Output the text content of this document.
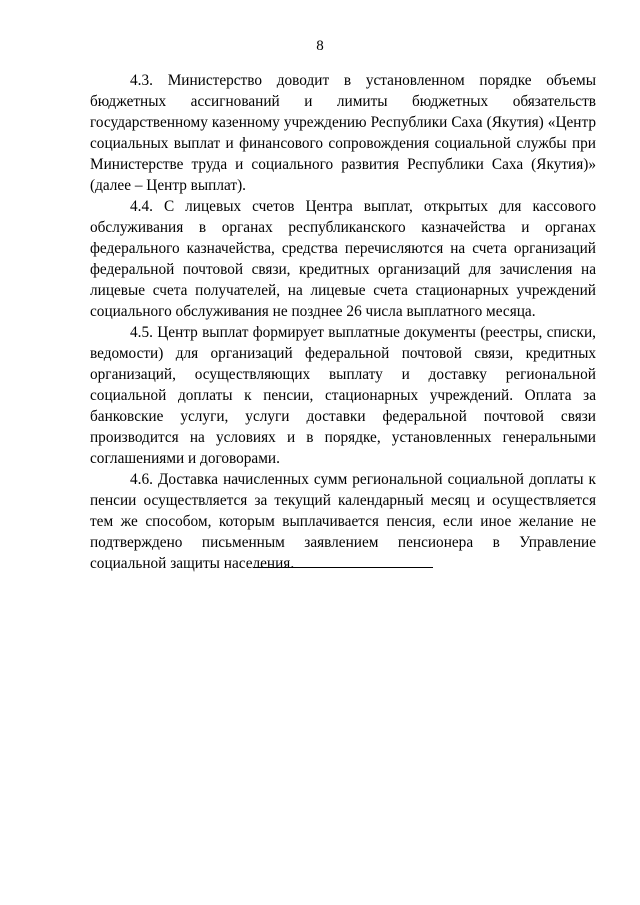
8

4.3. Министерство доводит в установленном порядке объемы бюджетных ассигнований и лимиты бюджетных обязательств государственному казенному учреждению Республики Саха (Якутия) «Центр социальных выплат и финансового сопровождения социальной службы при Министерстве труда и социального развития Республики Саха (Якутия)» (далее – Центр выплат).

4.4. С лицевых счетов Центра выплат, открытых для кассового обслуживания в органах республиканского казначейства и органах федерального казначейства, средства перечисляются на счета организаций федеральной почтовой связи, кредитных организаций для зачисления на лицевые счета получателей, на лицевые счета стационарных учреждений социального обслуживания не позднее 26 числа выплатного месяца.

4.5. Центр выплат формирует выплатные документы (реестры, списки, ведомости) для организаций федеральной почтовой связи, кредитных организаций, осуществляющих выплату и доставку региональной социальной доплаты к пенсии, стационарных учреждений. Оплата за банковские услуги, услуги доставки федеральной почтовой связи производится на условиях и в порядке, установленных генеральными соглашениями и договорами.

4.6. Доставка начисленных сумм региональной социальной доплаты к пенсии осуществляется за текущий календарный месяц и осуществляется тем же способом, которым выплачивается пенсия, если иное желание не подтверждено письменным заявлением пенсионера в Управление социальной защиты населения.
